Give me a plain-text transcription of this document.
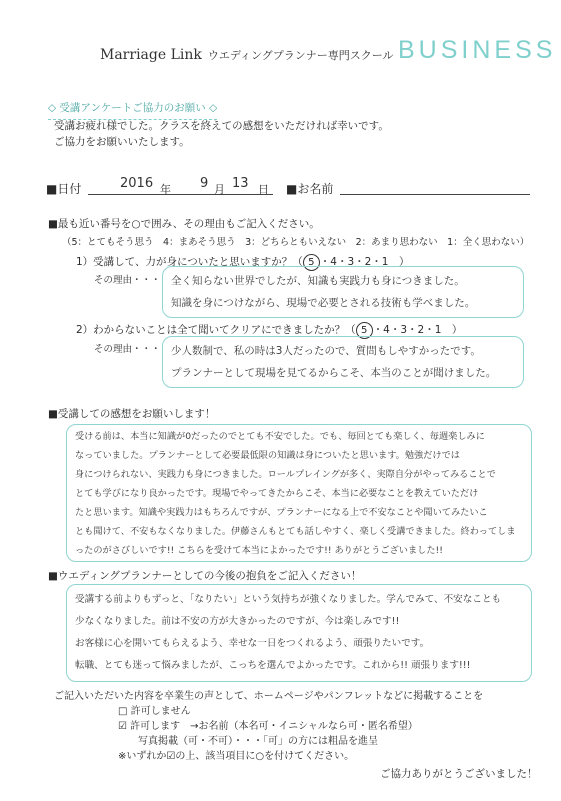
Marriage Link ウエディングプランナー専門スクール BUSINESS
◇ 受講アンケートご協力のお願い ◇
受講お疲れ様でした。クラスを終えての感想をいただければ幸いです。
ご協力をお願いいたします。
■日付	2016 年 9 月 13 日 ■お名前
■最も近い番号を○で囲み、その理由もご記入ください。
（5：とてもそう思う　4：まあそう思う　3：どちらともいえない　2：あまり思わない　1：全く思わない）
1）受講して、力が身についたと思いますか？（ 5 ・4・3・2・1　）
その理由・・・ 全く知らない世界でしたが、知識も実践力も身につきました。
知識を身につけながら、現場で必要とされる技術も学べました。
2）わからないことは全て聞いてクリアにできましたか？（ 5 ・4・3・2・1　）
その理由・・・ 少人数制で、私の時は3人だったので、質問もしやすかったです。
プランナーとして現場を見てるからこそ、本当のことが聞けました。
■受講しての感想をお願いします！
受ける前は、本当に知識が0だったのでとても不安でした。でも、毎回とても楽しく、毎週楽しみに
なっていました。プランナーとして必要最低限の知識は身についたと思います。勉強だけでは
身につけられない、実践力も身につきました。ロールプレイングが多く、実際自分がやってみることで
とても学びになり良かったです。現場でやってきたからこそ、本当に必要なことを教えていただけ
たと思います。知識や実践力はもちろんですが、プランナーになる上で不安なことや聞いてみたいこ
とも聞けて、不安もなくなりました。伊藤さんもとても話しやすく、楽しく受講できました。終わってしま
ったのがさびしいです!! こちらを受けて本当によかったです!! ありがとうございました!!
■ウエディングプランナーとしての今後の抱負をご記入ください！
受講する前よりもずっと、「なりたい」という気持ちが強くなりました。学んでみて、不安なことも
少なくなりました。前は不安の方が大きかったのですが、今は楽しみです!!
お客様に心を開いてもらえるよう、幸せな一日をつくれるよう、頑張りたいです。
転職、とても迷って悩みましたが、こっちを選んでよかったです。これから!! 頑張ります!!!
ご記入いただいた内容を卒業生の声として、ホームページやパンフレットなどに掲載することを
□ 許可しません
☑ 許可します　→お名前（本名可・イニシャルなら可・匿名希望）
写真掲載（可・不可）・・・「可」の方には粗品を進呈
※いずれか☑の上、該当項目に○を付けてください。
ご協力ありがとうございました！
